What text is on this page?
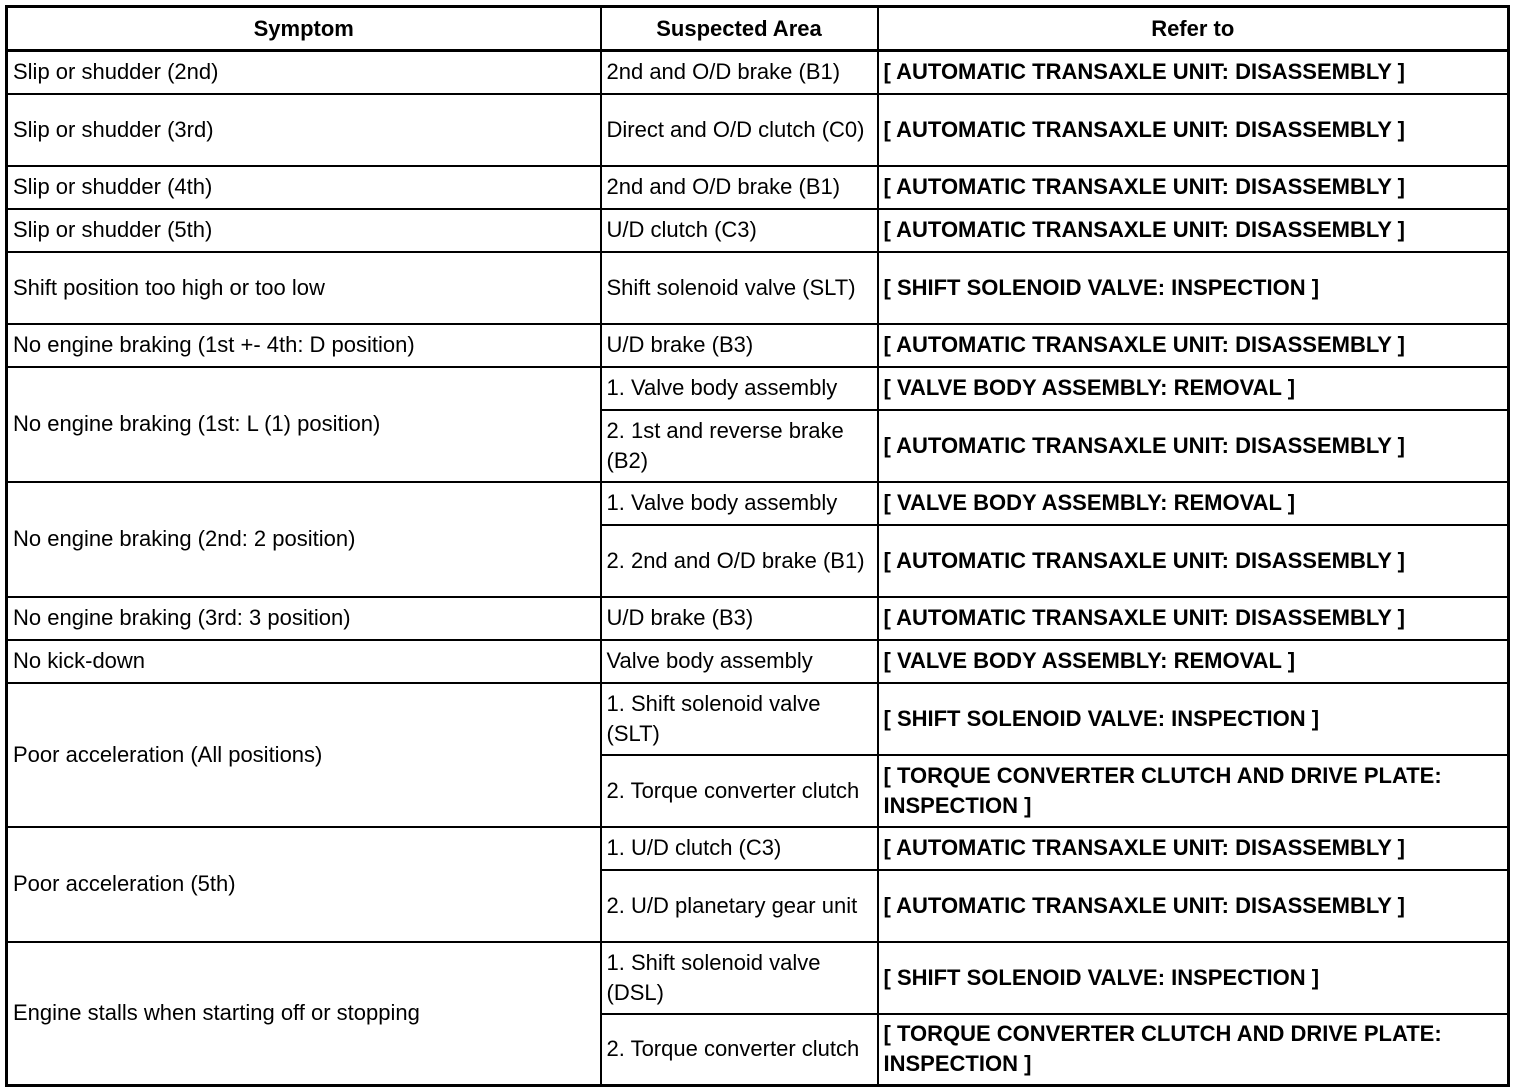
Symptom	Suspected Area	Refer to
Slip or shudder (2nd)	2nd and O/D brake (B1)	[ AUTOMATIC TRANSAXLE UNIT: DISASSEMBLY ]
Slip or shudder (3rd)	Direct and O/D clutch (C0)	[ AUTOMATIC TRANSAXLE UNIT: DISASSEMBLY ]
Slip or shudder (4th)	2nd and O/D brake (B1)	[ AUTOMATIC TRANSAXLE UNIT: DISASSEMBLY ]
Slip or shudder (5th)	U/D clutch (C3)	[ AUTOMATIC TRANSAXLE UNIT: DISASSEMBLY ]
Shift position too high or too low	Shift solenoid valve (SLT)	[ SHIFT SOLENOID VALVE: INSPECTION ]
No engine braking (1st +- 4th: D position)	U/D brake (B3)	[ AUTOMATIC TRANSAXLE UNIT: DISASSEMBLY ]
No engine braking (1st: L (1) position)	1. Valve body assembly	[ VALVE BODY ASSEMBLY: REMOVAL ]
	2. 1st and reverse brake (B2)	[ AUTOMATIC TRANSAXLE UNIT: DISASSEMBLY ]
No engine braking (2nd: 2 position)	1. Valve body assembly	[ VALVE BODY ASSEMBLY: REMOVAL ]
	2. 2nd and O/D brake (B1)	[ AUTOMATIC TRANSAXLE UNIT: DISASSEMBLY ]
No engine braking (3rd: 3 position)	U/D brake (B3)	[ AUTOMATIC TRANSAXLE UNIT: DISASSEMBLY ]
No kick-down	Valve body assembly	[ VALVE BODY ASSEMBLY: REMOVAL ]
Poor acceleration (All positions)	1. Shift solenoid valve (SLT)	[ SHIFT SOLENOID VALVE: INSPECTION ]
	2. Torque converter clutch	[ TORQUE CONVERTER CLUTCH AND DRIVE PLATE: INSPECTION ]
Poor acceleration (5th)	1. U/D clutch (C3)	[ AUTOMATIC TRANSAXLE UNIT: DISASSEMBLY ]
	2. U/D planetary gear unit	[ AUTOMATIC TRANSAXLE UNIT: DISASSEMBLY ]
Engine stalls when starting off or stopping	1. Shift solenoid valve (DSL)	[ SHIFT SOLENOID VALVE: INSPECTION ]
	2. Torque converter clutch	[ TORQUE CONVERTER CLUTCH AND DRIVE PLATE: INSPECTION ]
